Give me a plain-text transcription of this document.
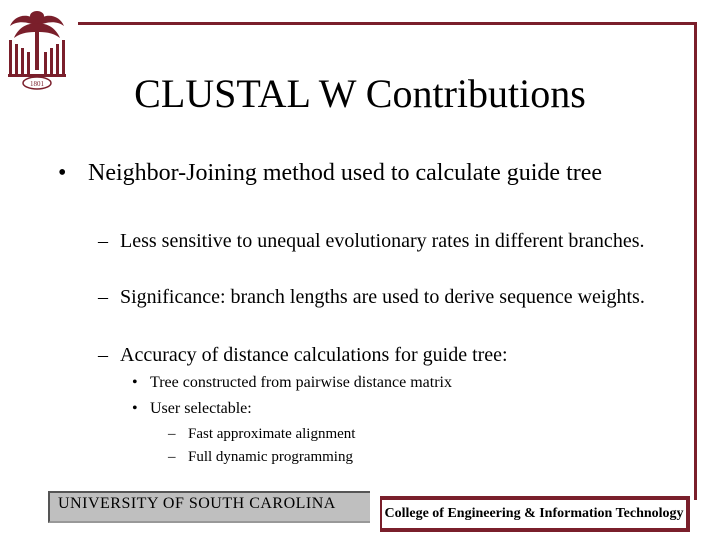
1801	CLUSTAL W Contributions
• Neighbor-Joining method used to calculate guide tree
– Less sensitive to unequal evolutionary rates in different branches.
– Significance: branch lengths are used to derive sequence weights.
– Accuracy of distance calculations for guide tree:
• Tree constructed from pairwise distance matrix
• User selectable:
– Fast approximate alignment
– Full dynamic programming
UNIVERSITY OF SOUTH CAROLINA
College of Engineering & Information Technology
